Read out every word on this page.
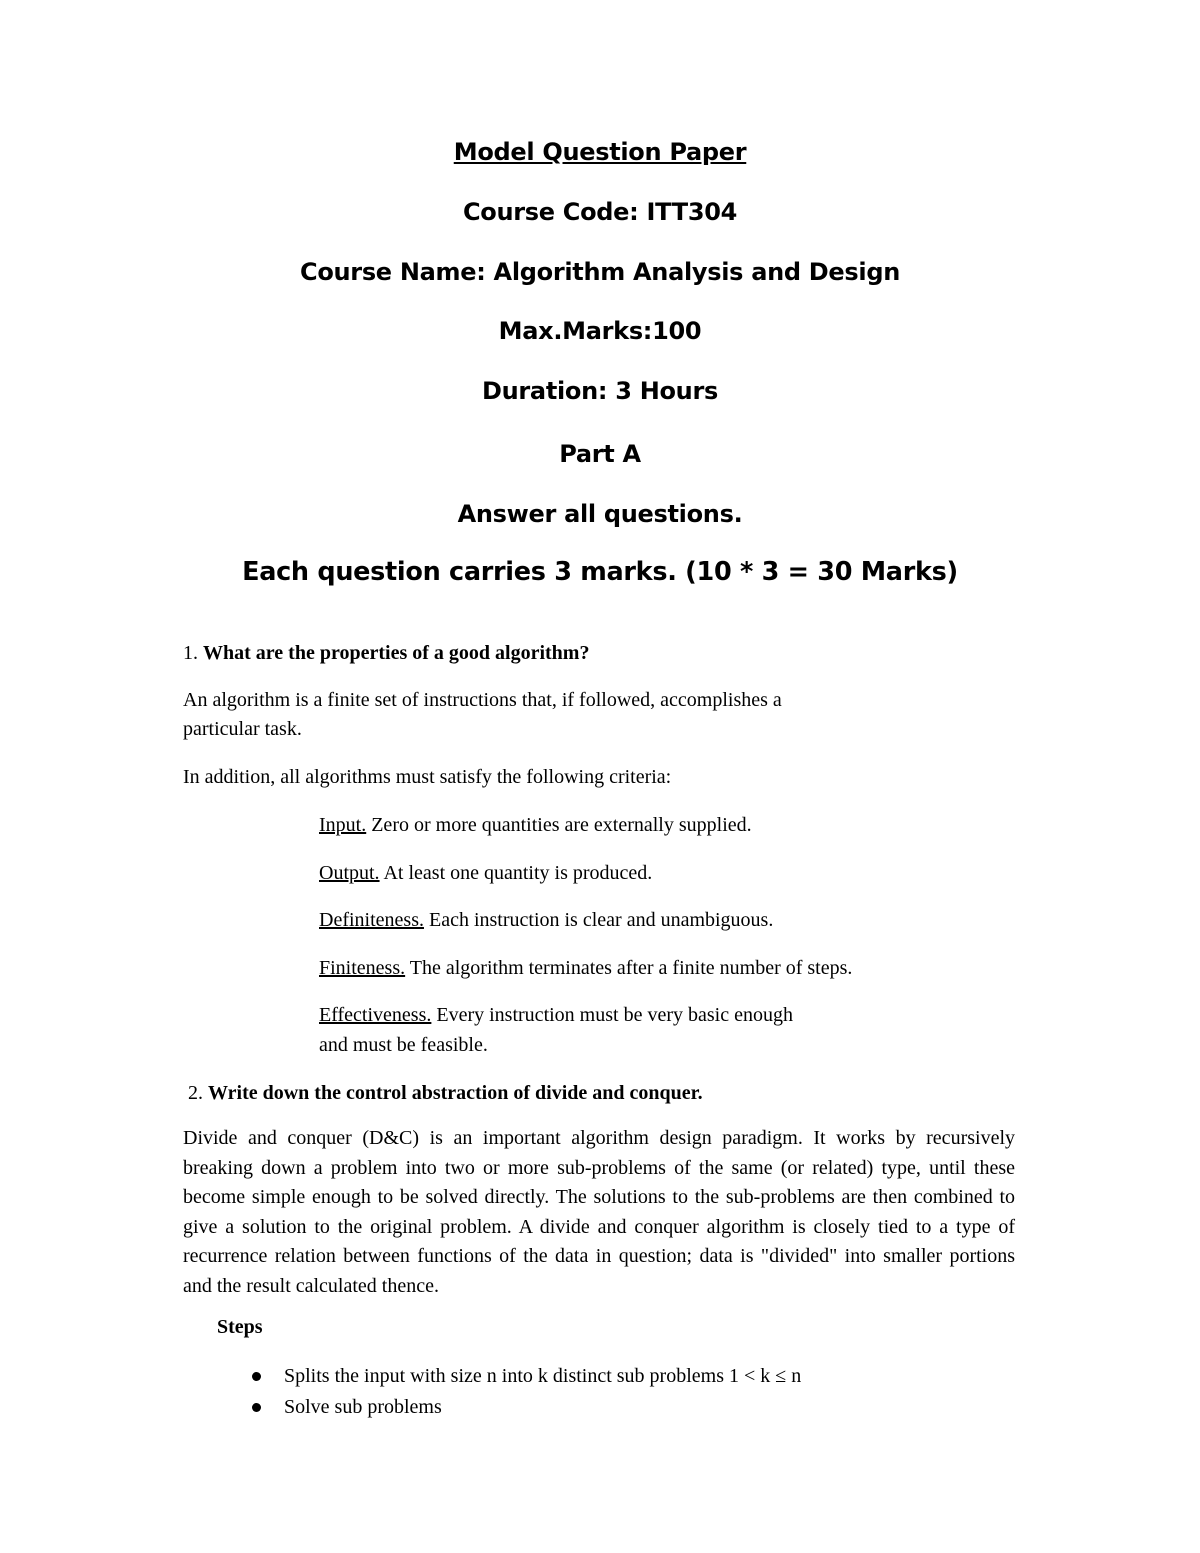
Model Question Paper
Course Code: ITT304
Course Name: Algorithm Analysis and Design
Max.Marks:100
Duration: 3 Hours
Part A
Answer all questions.
Each question carries 3 marks. (10 * 3 = 30 Marks)
1. What are the properties of a good algorithm?
An algorithm is a finite set of instructions that, if followed, accomplishes a
particular task.
In addition, all algorithms must satisfy the following criteria:
Input. Zero or more quantities are externally supplied.
Output. At least one quantity is produced.
Definiteness. Each instruction is clear and unambiguous.
Finiteness. The algorithm terminates after a finite number of steps.
Effectiveness. Every instruction must be very basic enough
and must be feasible.
2. Write down the control abstraction of divide and conquer.
Divide and conquer (D&C) is an important algorithm design paradigm. It works by recursively breaking down a problem into two or more sub-problems of the same (or related) type, until these become simple enough to be solved directly. The solutions to the sub-problems are then combined to give a solution to the original problem. A divide and conquer algorithm is closely tied to a type of recurrence relation between functions of the data in question; data is "divided" into smaller portions and the result calculated thence.
Steps
Splits the input with size n into k distinct sub problems 1 < k ≤ n
Solve sub problems
